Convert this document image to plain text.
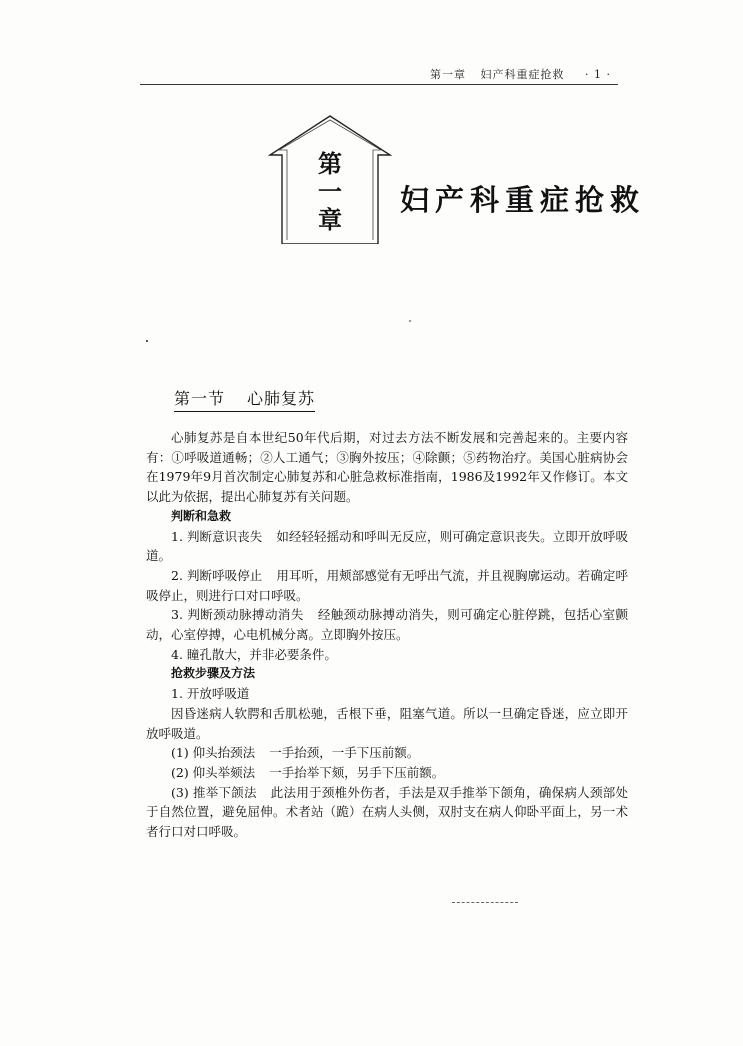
第一章 妇产科重症抢救 · 1 ·
第
一
章
妇产科重症抢救
第一节 心肺复苏

心肺复苏是自本世纪50年代后期，对过去方法不断发展和完善起来的。主要内容有：①呼吸道通畅；②人工通气；③胸外按压；④除颤；⑤药物治疗。美国心脏病协会在1979年9月首次制定心肺复苏和心脏急救标准指南，1986及1992年又作修订。本文以此为依据，提出心肺复苏有关问题。

判断和急救

1. 判断意识丧失 如经轻轻摇动和呼叫无反应，则可确定意识丧失。立即开放呼吸道。

2. 判断呼吸停止 用耳听，用颊部感觉有无呼出气流，并且视胸廓运动。若确定呼吸停止，则进行口对口呼吸。

3. 判断颈动脉搏动消失 经触颈动脉搏动消失，则可确定心脏停跳，包括心室颤动，心室停搏，心电机械分离。立即胸外按压。

4. 瞳孔散大，并非必要条件。

抢救步骤及方法

1. 开放呼吸道

因昏迷病人软腭和舌肌松驰，舌根下垂，阻塞气道。所以一旦确定昏迷，应立即开放呼吸道。

(1) 仰头抬颈法 一手抬颈，一手下压前额。

(2) 仰头举颏法 一手抬举下颏，另手下压前额。

(3) 推举下颌法 此法用于颈椎外伤者，手法是双手推举下颌角，确保病人颈部处于自然位置，避免屈伸。术者站（跪）在病人头侧，双肘支在病人仰卧平面上，另一术者行口对口呼吸。
